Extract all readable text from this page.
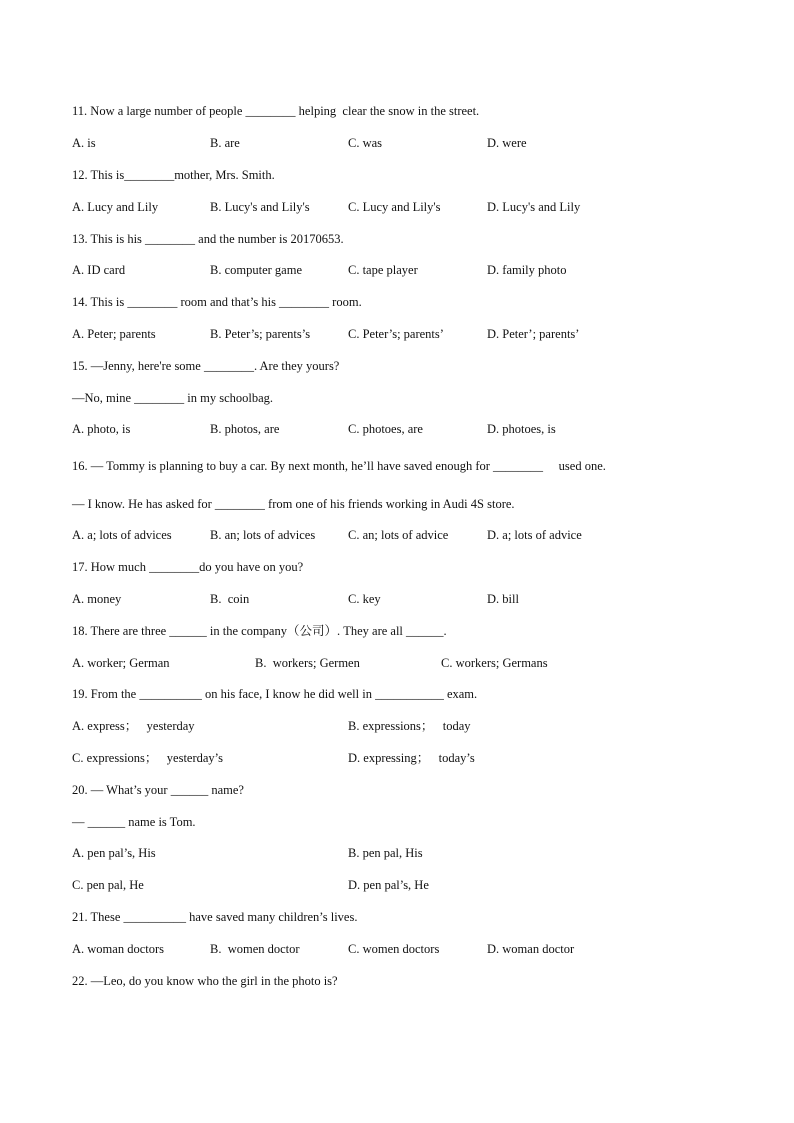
11. Now a large number of people ________ helping  clear the snow in the street.
A. is	B. are	C. was	D. were
12. This is________mother, Mrs. Smith.
A. Lucy and Lily	B. Lucy's and Lily's	C. Lucy and Lily's	D. Lucy's and Lily
13. This is his ________ and the number is 20170653.
A. ID card	B. computer game	C. tape player	D. family photo
14. This is ________ room and that’s his ________ room.
A. Peter; parents	B. Peter’s; parents’s	C. Peter’s; parents’	D. Peter’; parents’
15. —Jenny, here're some ________. Are they yours?
—No, mine ________ in my schoolbag.
A. photo, is	B. photos, are	C. photoes, are	D. photoes, is
16. — Tommy is planning to buy a car. By next month, he’ll have saved enough for ________     used one.
— I know. He has asked for ________ from one of his friends working in Audi 4S store.
A. a; lots of advices	B. an; lots of advices	C. an; lots of advice	D. a; lots of advice
17. How much ________do you have on you?
A. money	B.  coin	C. key	D. bill
18. There are three ______ in the company（公司）. They are all ______.
A. worker; German	B.  workers; Germen	C. workers; Germans
19. From the __________ on his face, I know he did well in ___________ exam.
A. express；   yesterday	B. expressions；   today
C. expressions；   yesterday’s	D. expressing；   today’s
20. — What’s your ______ name?
— ______ name is Tom.
A. pen pal’s, His	B. pen pal, His
C. pen pal, He	D. pen pal’s, He
21. These __________ have saved many children’s lives.
A. woman doctors	B.  women doctor	C. women doctors	D. woman doctor
22. —Leo, do you know who the girl in the photo is?
